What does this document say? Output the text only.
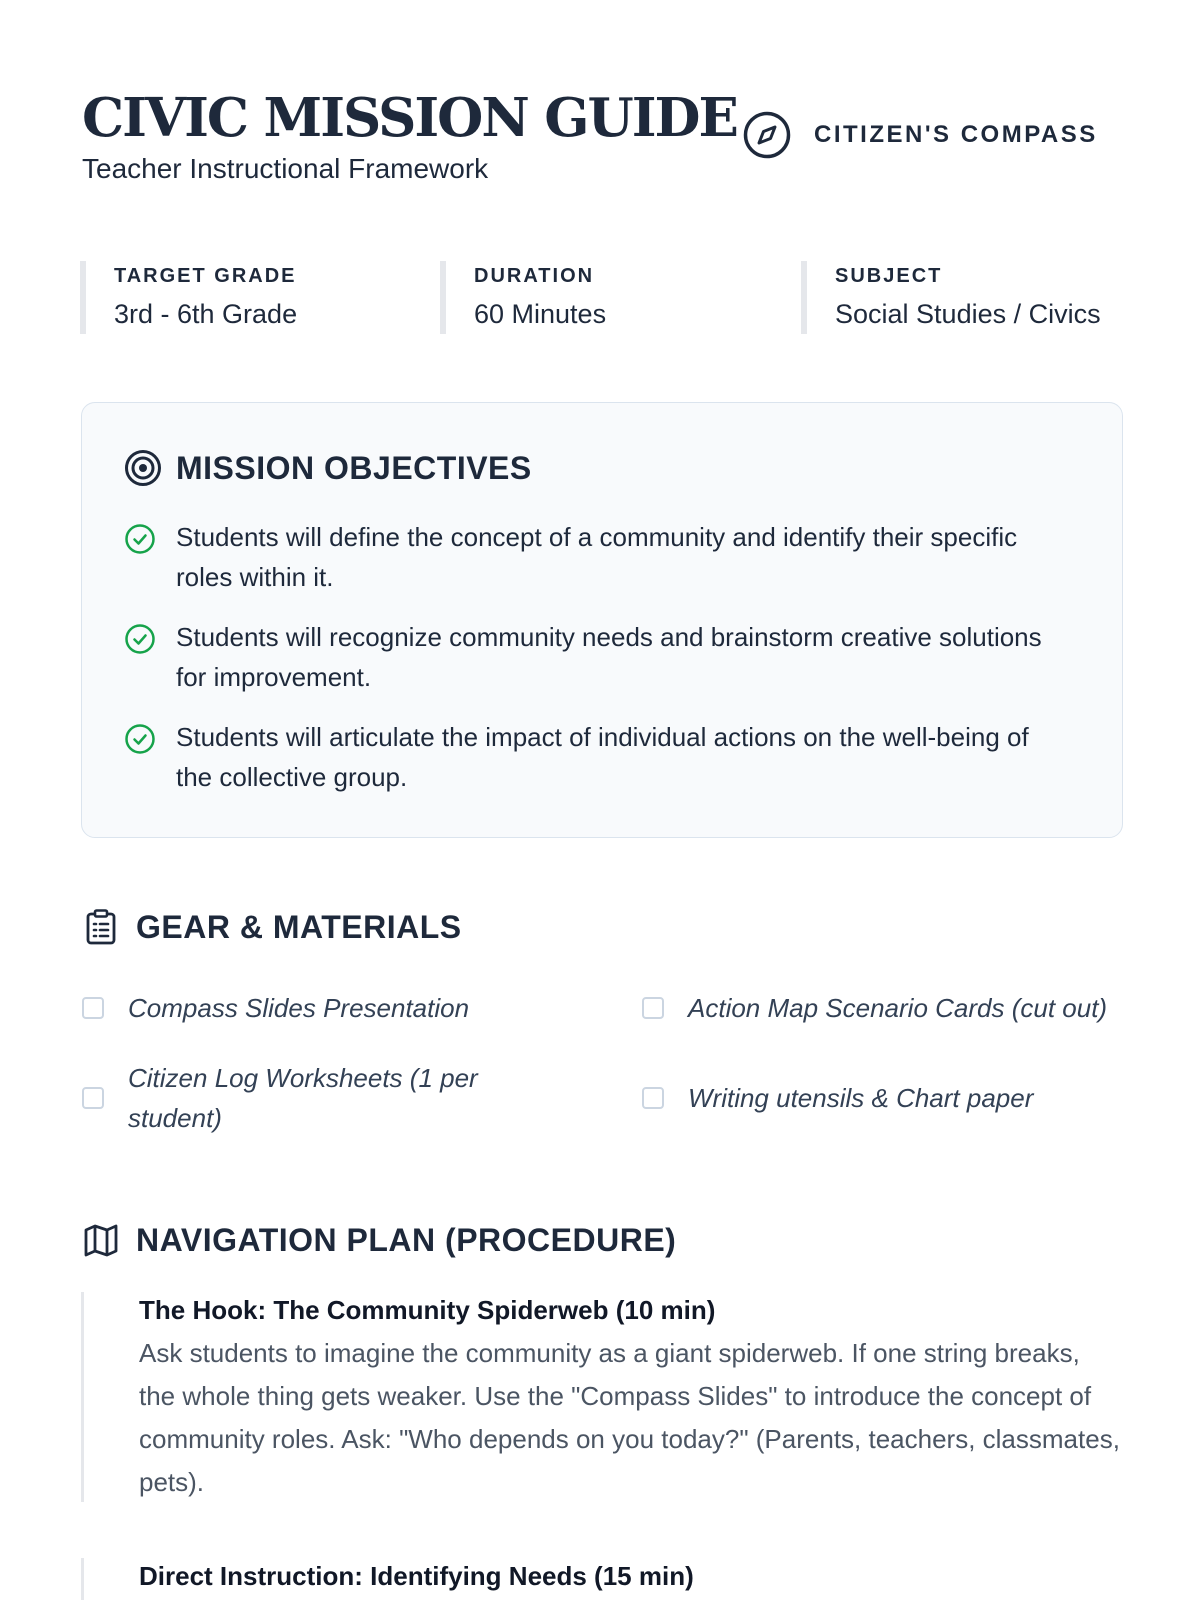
CIVIC MISSION GUIDE
Teacher Instructional Framework
CITIZEN'S COMPASS
TARGET GRADE
3rd - 6th Grade
DURATION
60 Minutes
SUBJECT
Social Studies / Civics
MISSION OBJECTIVES
Students will define the concept of a community and identify their specific roles within it.
Students will recognize community needs and brainstorm creative solutions for improvement.
Students will articulate the impact of individual actions on the well-being of the collective group.
GEAR & MATERIALS
Compass Slides Presentation	Action Map Scenario Cards (cut out)
Citizen Log Worksheets (1 per student)
Writing utensils & Chart paper
NAVIGATION PLAN (PROCEDURE)
The Hook: The Community Spiderweb (10 min)
Ask students to imagine the community as a giant spiderweb. If one string breaks, the whole thing gets weaker. Use the "Compass Slides" to introduce the concept of community roles. Ask: "Who depends on you today?" (Parents, teachers, classmates, pets).
Direct Instruction: Identifying Needs (15 min)
